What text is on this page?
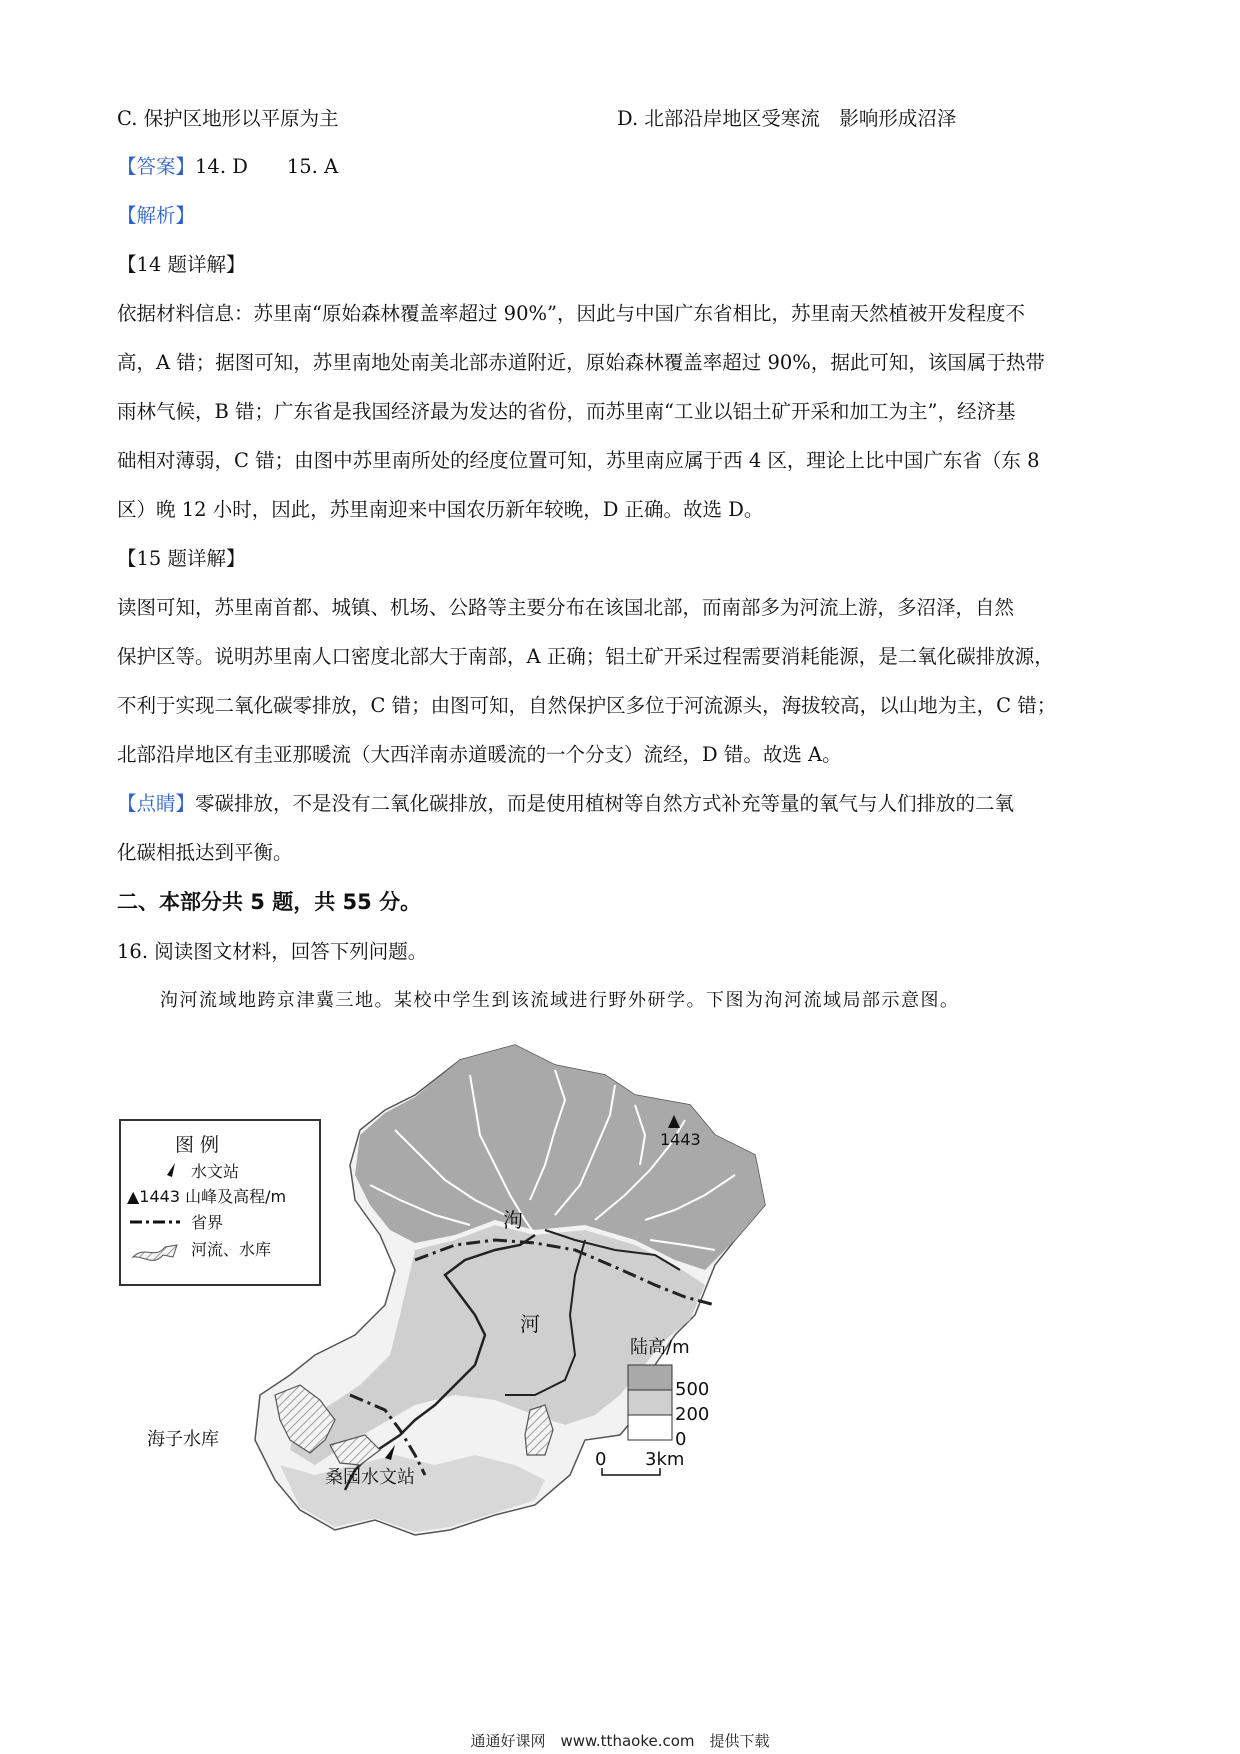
C. 保护区地形以平原为主	D. 北部沿岸地区受寒流　影响形成沼泽
【答案】14. D　　15. A
【解析】
【14 题详解】
依据材料信息：苏里南“原始森林覆盖率超过 90%”，因此与中国广东省相比，苏里南天然植被开发程度不
高，A 错；据图可知，苏里南地处南美北部赤道附近，原始森林覆盖率超过 90%，据此可知，该国属于热带
雨林气候，B 错；广东省是我国经济最为发达的省份，而苏里南“工业以铝土矿开采和加工为主”，经济基
础相对薄弱，C 错；由图中苏里南所处的经度位置可知，苏里南应属于西 4 区，理论上比中国广东省（东 8
区）晚 12 小时，因此，苏里南迎来中国农历新年较晚，D 正确。故选 D。
【15 题详解】
读图可知，苏里南首都、城镇、机场、公路等主要分布在该国北部，而南部多为河流上游，多沼泽，自然
保护区等。说明苏里南人口密度北部大于南部，A 正确；铝土矿开采过程需要消耗能源，是二氧化碳排放源，
不利于实现二氧化碳零排放，C 错；由图可知，自然保护区多位于河流源头，海拔较高，以山地为主，C 错；
北部沿岸地区有圭亚那暖流（大西洋南赤道暖流的一个分支）流经，D 错。故选 A。
【点睛】零碳排放，不是没有二氧化碳排放，而是使用植树等自然方式补充等量的氧气与人们排放的二氧
化碳相抵达到平衡。
二、本部分共 5 题，共 55 分。
16. 阅读图文材料，回答下列问题。
泃河流域地跨京津冀三地。某校中学生到该流域进行野外研学。下图为泃河流域局部示意图。
1443
泃
河
海子水库
桑园水文站
图 例
水文站
▲1443 山峰及高程/m
省界
河流、水库
陆高/m
500
200
0
0 3km
通通好课网　www.tthaoke.com　提供下载
